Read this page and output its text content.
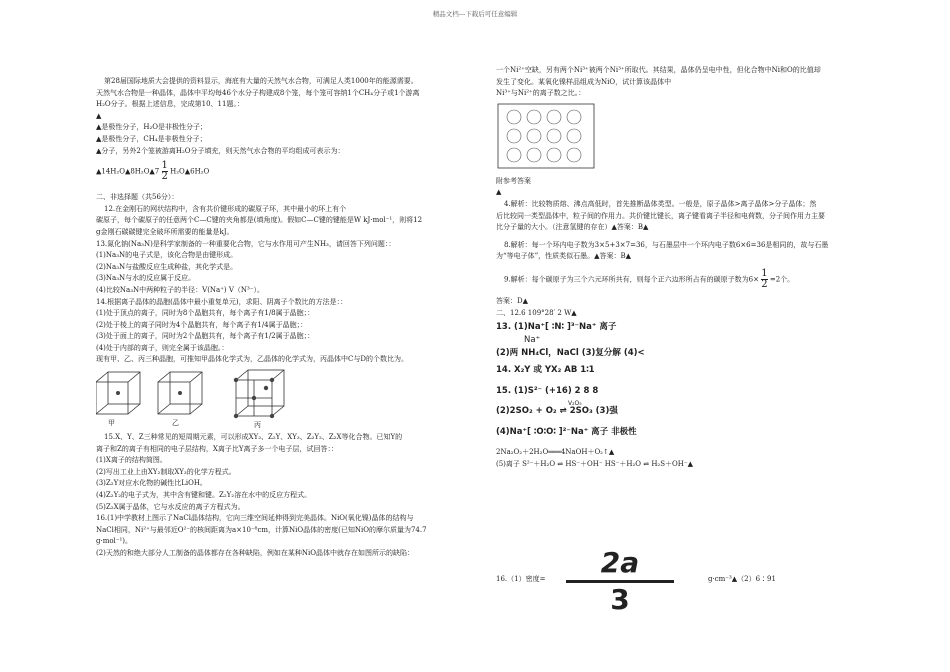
精品文档---下载后可任意编辑

第28届国际地质大会提供的资料显示，海底有大量的天然气水合物，可满足人类1000年的能源需要。

天然气水合物是一种晶体，晶体中平均每46个水分子构建成8个笼，每个笼可容纳1个CH₄分子或1个游离

H₂O分子。根据上述信息，完成第10、11题。：

▲

▲是极性分子，H₂O是非极性分子；

▲是极性分子，CH₄是非极性分子；

▲分子，另外2个笼被游离H₂O分子填充，则天然气水合物的平均组成可表示为：

▲14H₂O▲8H₂O▲7 $\frac{1}{2}$ H₂O▲6H₂O

二、非选择题（共56分）：

12.在金刚石的网状结构中，含有共价键形成的碳原子环，其中最小的环上有个

碳原子，每个碳原子的任意两个C—C键的夹角都是(填角度)。假如C—C键的键能是W kJ·mol⁻¹，则将12

g金刚石碳碳键完全破坏所需要的能量是kJ。

13.氮化钠(Na₃N)是科学家制备的一种重要化合物，它与水作用可产生NH₃，请回答下列问题：：

(1)Na₃N的电子式是，该化合物是由键形成。

(2)Na₃N与盐酸反应生成种盐，其化学式是。

(3)Na₃N与水的反应属于反应。

(4)比较Na₃N中两种粒子的半径：V(Na⁺) V（N³⁻）。

14.根据离子晶体的晶胞(晶体中最小重复单元)，求阳、阴离子个数比的方法是：：

(1)处于顶点的离子，同时为8个晶胞共有，每个离子有1/8属于晶胞；：

(2)处于棱上的离子同时为4个晶胞共有，每个离子有1/4属于晶胞；：

(3)处于面上的离子，同时为2个晶胞共有，每个离子有1/2属于晶胞；：

(4)处于内部的离子，则完全属于该晶胞。：

现有甲、乙、丙三种晶胞，可推知甲晶体化学式为，乙晶体的化学式为，丙晶体中C与D的个数比为。

甲	乙	丙

15.X、Y、Z三种常见的短周期元素，可以形成XY₂、Z₂Y、XY₃、Z₂Y₂、Z₂X等化合物。已知Y的

离子和Z的离子有相同的电子层结构，X离子比Y离子多一个电子层，试回答：：

(1)X离子的结构简图。

(2)写出工业上由XY₂制取XY₃的化学方程式。

(3)Z₂Y对应水化物的碱性比LiOH。

(4)Z₂Y₂的电子式为，其中含有键和键。Z₂Y₂溶在水中的反应方程式。

(5)Z₂X属于晶体，它与水反应的离子方程式为。

16.(1)中学教材上图示了NaCl晶体结构，它向三维空间延伸得到完美晶体。NiO(氧化镍)晶体的结构与

NaCl相同，Ni²⁺与最邻近O²⁻的核间距离为a×10⁻⁸cm，计算NiO晶体的密度(已知NiO的摩尔质量为74.7

g·mol⁻¹)。

(2)天然的和绝大部分人工制备的晶体都存在各种缺陷，例如在某种NiO晶体中就存在如图所示的缺陷：

一个Ni²⁺空缺，另有两个Ni³⁺被两个Ni³⁺所取代。其结果，晶体仍呈电中性，但化合物中Ni和O的比值却

发生了变化。某氧化镍样品组成为NiO，试计算该晶体中

Ni³⁺与Ni²⁺的离子数之比。：

附参考答案

▲

4.解析：比较物质熔、沸点高低时，首先推断晶体类型。一般是，原子晶体>离子晶体>分子晶体；然

后比较同一类型晶体中，粒子间的作用力。共价键比键长，离子键看离子半径和电荷数，分子间作用力主要

比分子量的大小。（注意氢键的存在）▲答案：B▲

8.解析：每一个环内电子数为3×5+3×7=36，与石墨层中一个环内电子数6×6=36是相同的，故与石墨

为“等电子体”，性质类似石墨。▲答案：B▲

9.解析：每个碳原子为三个六元环所共有，则每个正六边形所占有的碳原子数为$6\times \frac{1}{2} =2$个。

答案：D▲

二、12.6 109°28′ 2 W▲

13. (1)Na⁺[ ∶N∶ ]³⁻Na⁺ 离子

Na⁺

(2)两 NH₄Cl，NaCl (3)复分解 (4)<

14. X₂Y 或 YX₂ AB 1∶1

15. (1)S²⁻ (+16) 2 8 8

(2)2SO₂ + O₂ ⇌ 2SO₃ (3)强
V₂O₅

(4)Na⁺[ ∶O∶O∶ ]²⁻Na⁺ 离子 非极性

2Na₂O₂＋2H₂O═══4NaOH＋O₂↑▲

(5)离子 S²⁻＋H₂O ⇌ HS⁻＋OH⁻ HS⁻＋H₂O ⇌ H₂S＋OH⁻▲

16.（1）密度=	g·cm⁻³▲（2）6∶91

2a
3
